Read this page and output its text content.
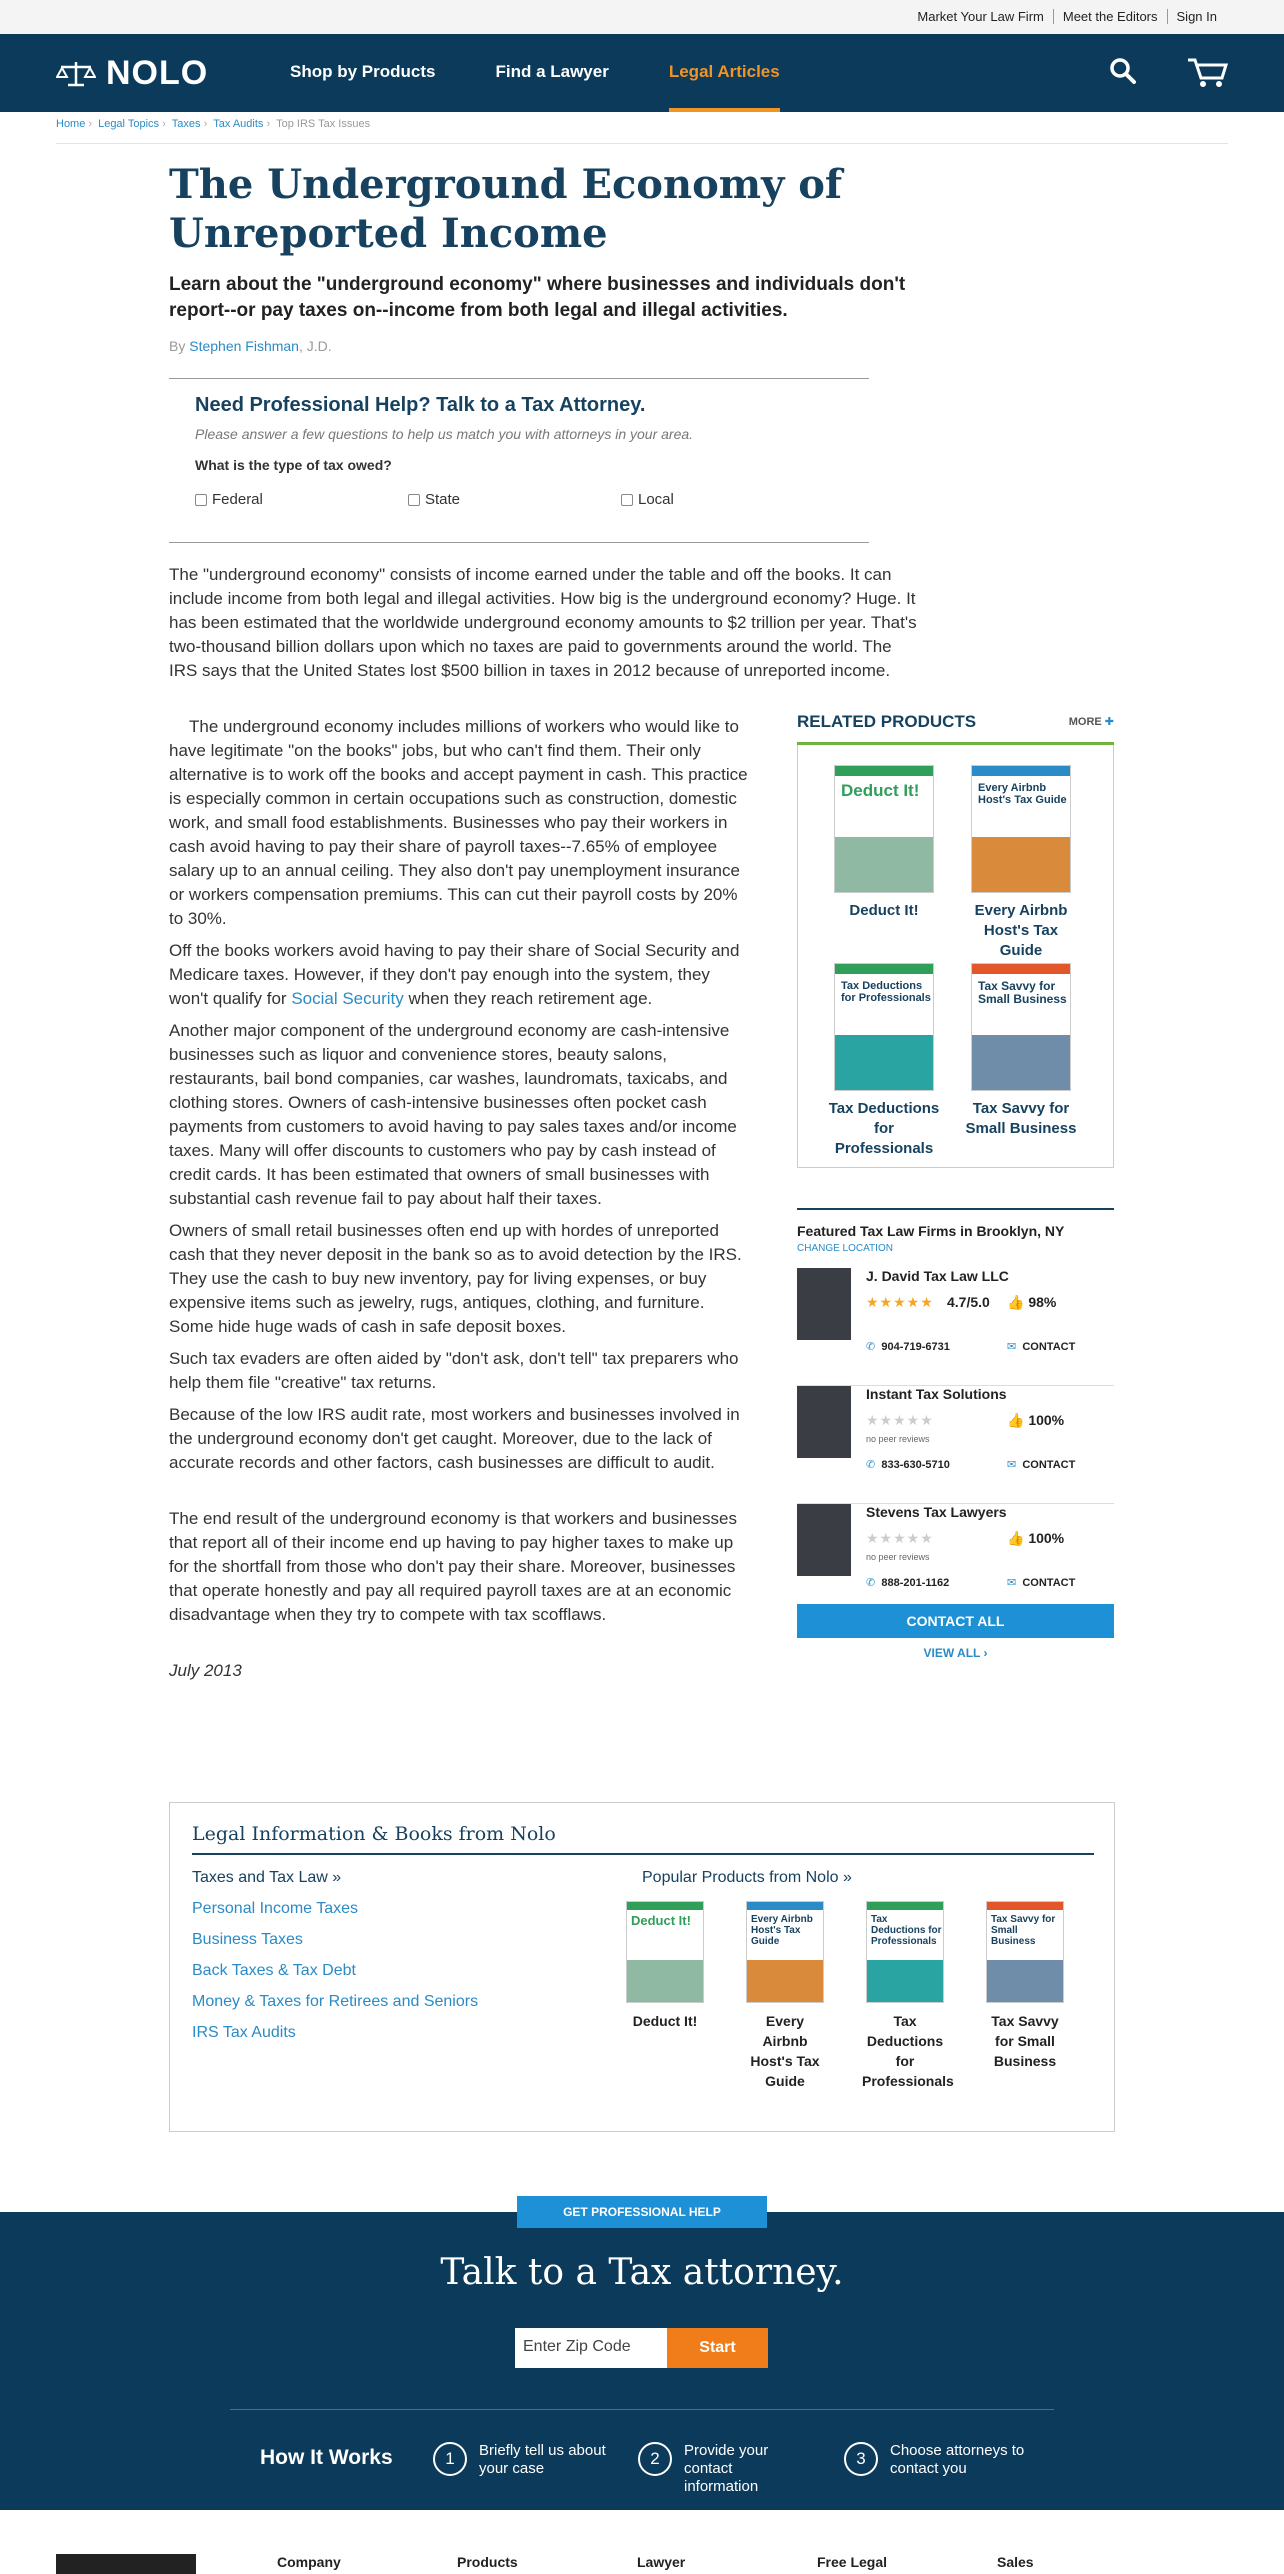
Market Your Law Firm	Meet the Editors	Sign In
NOLO	Shop by Products	Find a Lawyer	Legal Articles
Home › Legal Topics › Taxes › Tax Audits › Top IRS Tax Issues
The Underground Economy of Unreported Income
Learn about the "underground economy" where businesses and individuals don't report--or pay taxes on--income from both legal and illegal activities.
By Stephen Fishman, J.D.
Need Professional Help? Talk to a Tax Attorney.
Please answer a few questions to help us match you with attorneys in your area.
What is the type of tax owed?
Federal	State	Local

The "underground economy" consists of income earned under the table and off the books. It can include income from both legal and illegal activities. How big is the underground economy? Huge. It has been estimated that the worldwide underground economy amounts to $2 trillion per year. That's two-thousand billion dollars upon which no taxes are paid to governments around the world. The IRS says that the United States lost $500 billion in taxes in 2012 because of unreported income.

The underground economy includes millions of workers who would like to have legitimate "on the books" jobs, but who can't find them. Their only alternative is to work off the books and accept payment in cash. This practice is especially common in certain occupations such as construction, domestic work, and small food establishments. Businesses who pay their workers in cash avoid having to pay their share of payroll taxes--7.65% of employee salary up to an annual ceiling. They also don't pay unemployment insurance or workers compensation premiums. This can cut their payroll costs by 20% to 30%.

Off the books workers avoid having to pay their share of Social Security and Medicare taxes. However, if they don't pay enough into the system, they won't qualify for Social Security when they reach retirement age.

Another major component of the underground economy are cash-intensive businesses such as liquor and convenience stores, beauty salons, restaurants, bail bond companies, car washes, laundromats, taxicabs, and clothing stores. Owners of cash-intensive businesses often pocket cash payments from customers to avoid having to pay sales taxes and/or income taxes. Many will offer discounts to customers who pay by cash instead of credit cards. It has been estimated that owners of small businesses with substantial cash revenue fail to pay about half their taxes.

Owners of small retail businesses often end up with hordes of unreported cash that they never deposit in the bank so as to avoid detection by the IRS. They use the cash to buy new inventory, pay for living expenses, or buy expensive items such as jewelry, rugs, antiques, clothing, and furniture. Some hide huge wads of cash in safe deposit boxes.

Such tax evaders are often aided by "don't ask, don't tell" tax preparers who help them file "creative" tax returns.

Because of the low IRS audit rate, most workers and businesses involved in the underground economy don't get caught. Moreover, due to the lack of accurate records and other factors, cash businesses are difficult to audit.

The end result of the underground economy is that workers and businesses that report all of their income end up having to pay higher taxes to make up for the shortfall from those who don't pay their share. Moreover, businesses that operate honestly and pay all required payroll taxes are at an economic disadvantage when they try to compete with tax scofflaws.

July 2013

RELATED PRODUCTS	MORE ✚
Deduct It!
Deduct It!
Every Airbnb Host's Tax Guide
Every Airbnb Host's Tax Guide
Tax Deductions for Professionals
Tax Deductions for Professionals
Tax Savvy for Small Business
Tax Savvy for Small Business
Featured Tax Law Firms in Brooklyn, NY
CHANGE LOCATION
J. David Tax Law LLC
★★★★★ 4.7/5.0 👍 98%
✆ 904-719-6731	✉ CONTACT
Instant Tax Solutions
★★★★★
no peer reviews
👍 100%
✆ 833-630-5710	✉ CONTACT
Stevens Tax Lawyers
★★★★★
no peer reviews
👍 100%
✆ 888-201-1162	✉ CONTACT
CONTACT ALL
VIEW ALL ›
Legal Information & Books from Nolo
Taxes and Tax Law »
Personal Income Taxes
Business Taxes
Back Taxes & Tax Debt
Money & Taxes for Retirees and Seniors
IRS Tax Audits
Popular Products from Nolo »
Deduct It!
Deduct It!
Every Airbnb Host's Tax Guide
Every Airbnb Host's Tax Guide
Tax Deductions for Professionals
Tax Deductions for Professionals
Tax Savvy for Small Business
Tax Savvy for Small Business
Talk to a Tax attorney.
Enter Zip Code	Start
How It Works	1	Briefly tell us about your case
2	Provide your contact information
3	Choose attorneys to contact you
GET PROFESSIONAL HELP
Company	Products	Lawyer	Free Legal	Sales
